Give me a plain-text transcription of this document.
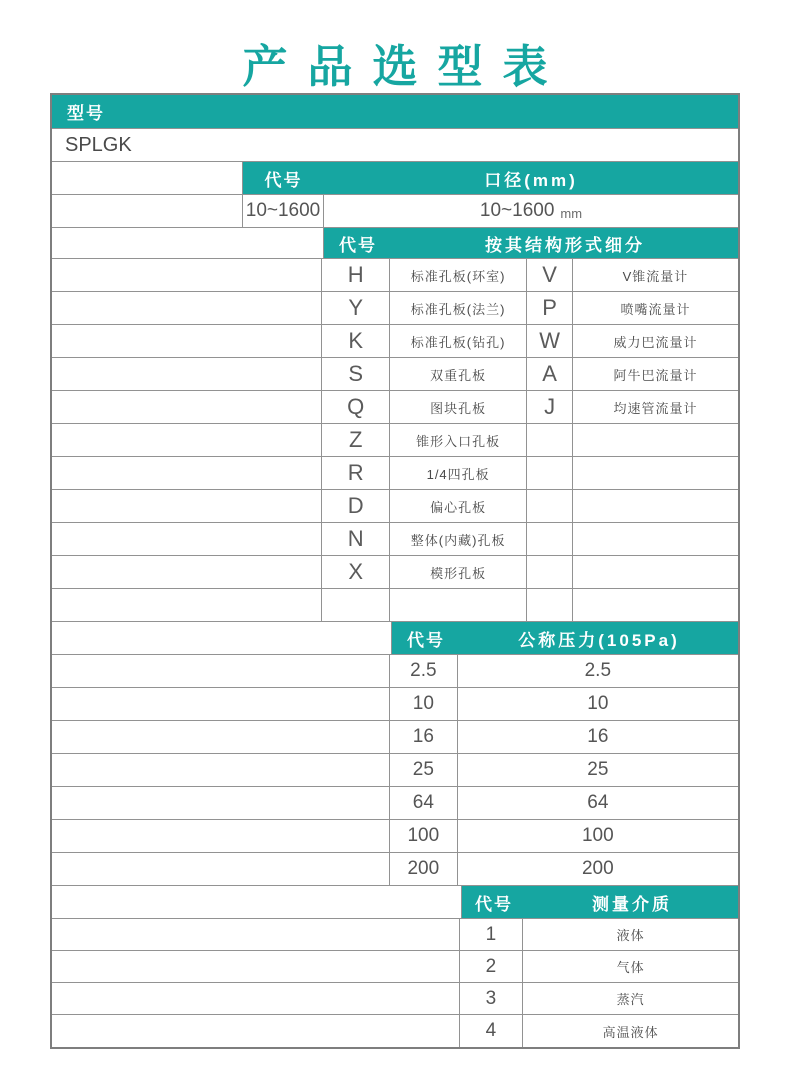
产品选型表
型号
SPLGK
代号	口径(mm)
10~1600	10~1600 mm
代号	按其结构形式细分
H	标准孔板(环室)	V	V锥流量计
Y	标准孔板(法兰)	P	喷嘴流量计
K	标准孔板(钻孔)	W	威力巴流量计
S	双重孔板	A	阿牛巴流量计
Q	图块孔板	J	均速管流量计
Z	锥形入口孔板
R	1/4四孔板
D	偏心孔板
N	整体(内藏)孔板
X	模形孔板
代号	公称压力(105Pa)
2.5	2.5
10	10
16	16
25	25
64	64
100	100
200	200
代号	测量介质
1	液体
2	气体
3	蒸汽
4	高温液体
